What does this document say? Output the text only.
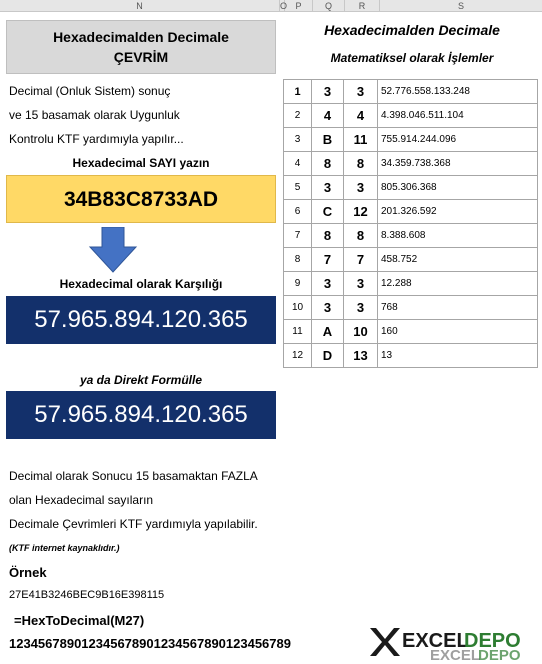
N	O P	Q	R	S
Hexadecimalden Decimale
ÇEVRİM
Decimal (Onluk Sistem) sonuç
ve 15 basamak olarak Uygunluk
Kontrolu KTF yardımıyla yapılır...
Hexadecimal SAYI yazın
34B83C8733AD
Hexadecimal olarak Karşılığı
57.965.894.120.365
ya da Direkt Formülle
57.965.894.120.365
Decimal olarak Sonucu 15 basamaktan FAZLA
olan Hexadecimal sayıların
Decimale Çevrimleri KTF yardımıyla yapılabilir.
(KTF internet kaynaklıdır.)
Örnek
27E41B3246BEC9B16E398115
=HexToDecimal(M27)
123456789012345678901234567890123456789
Hexadecimalden Decimale
Matematiksel olarak İşlemler
1	3	3	52.776.558.133.248
2	4	4	4.398.046.511.104
3	B	11	755.914.244.096
4	8	8	34.359.738.368
5	3	3	805.306.368
6	C	12	201.326.592
7	8	8	8.388.608
8	7	7	458.752
9	3	3	12.288
10	3	3	768
11	A	10	160
12	D	13	13
EXCEL
DEPO
EXCEL
DEPO
